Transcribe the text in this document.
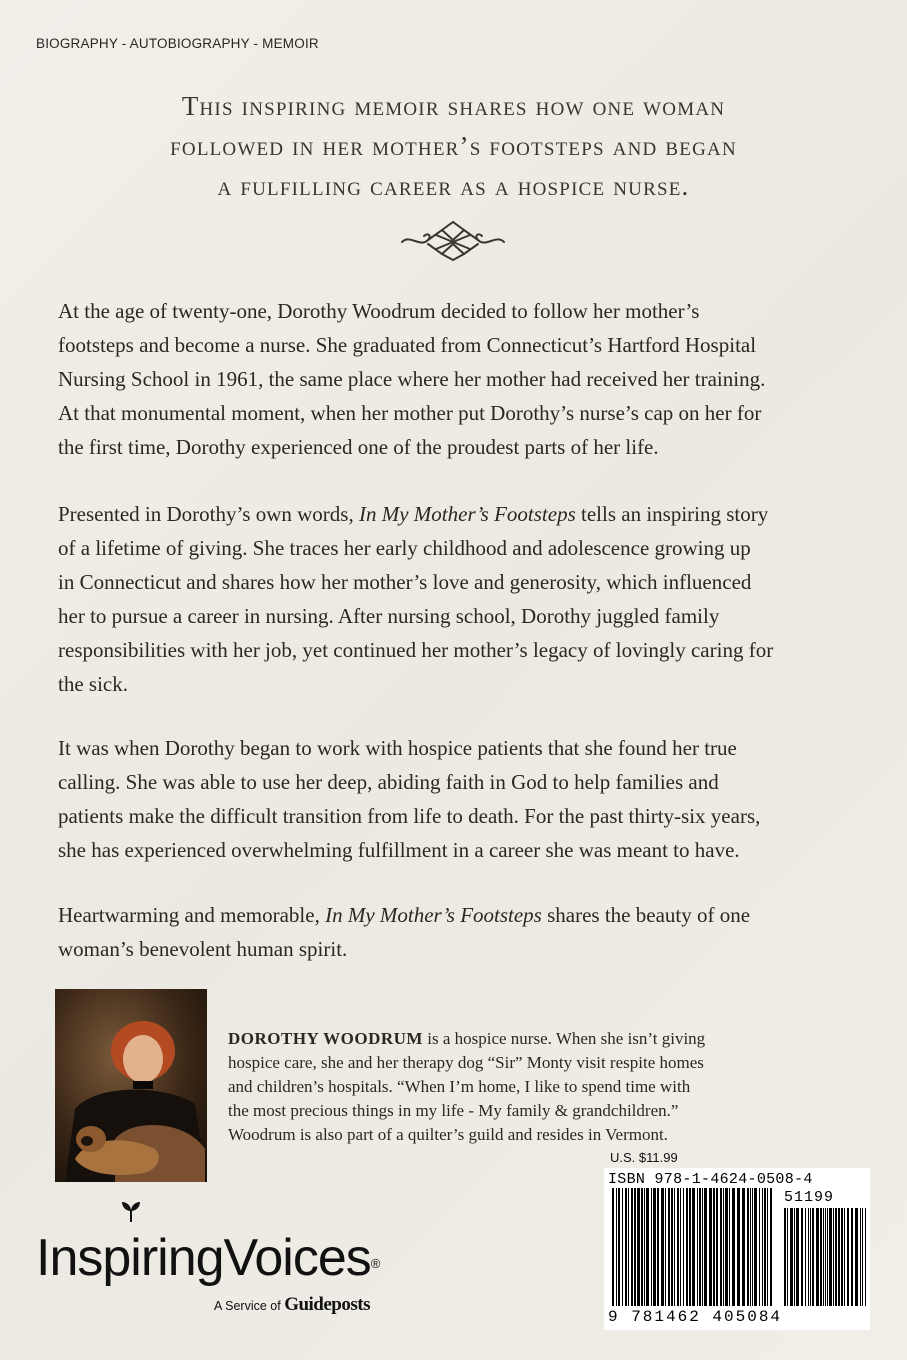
BIOGRAPHY - AUTOBIOGRAPHY - MEMOIR
This inspiring memoir shares how one woman
followed in her mother’s footsteps and began
a fulfilling career as a hospice nurse.

At the age of twenty-one, Dorothy Woodrum decided to follow her mother’s
footsteps and become a nurse. She graduated from Connecticut’s Hartford Hospital
Nursing School in 1961, the same place where her mother had received her training.
At that monumental moment, when her mother put Dorothy’s nurse’s cap on her for
the first time, Dorothy experienced one of the proudest parts of her life.

Presented in Dorothy’s own words, In My Mother’s Footsteps tells an inspiring story
of a lifetime of giving. She traces her early childhood and adolescence growing up
in Connecticut and shares how her mother’s love and generosity, which influenced
her to pursue a career in nursing. After nursing school, Dorothy juggled family
responsibilities with her job, yet continued her mother’s legacy of lovingly caring for
the sick.

It was when Dorothy began to work with hospice patients that she found her true
calling. She was able to use her deep, abiding faith in God to help families and
patients make the difficult transition from life to death. For the past thirty-six years,
she has experienced overwhelming fulfillment in a career she was meant to have.

Heartwarming and memorable, In My Mother’s Footsteps shares the beauty of one
woman’s benevolent human spirit.

DOROTHY WOODRUM is a hospice nurse. When she isn’t giving
hospice care, she and her therapy dog “Sir” Monty visit respite homes
and children’s hospitals. “When I’m home, I like to spend time with
the most precious things in my life - My family & grandchildren.”
Woodrum is also part of a quilter’s guild and resides in Vermont.

U.S. $11.99
ISBN 978-1-4624-0508-4
51199
9 781462 405084
InspiringVoices®
A Service of Guideposts
